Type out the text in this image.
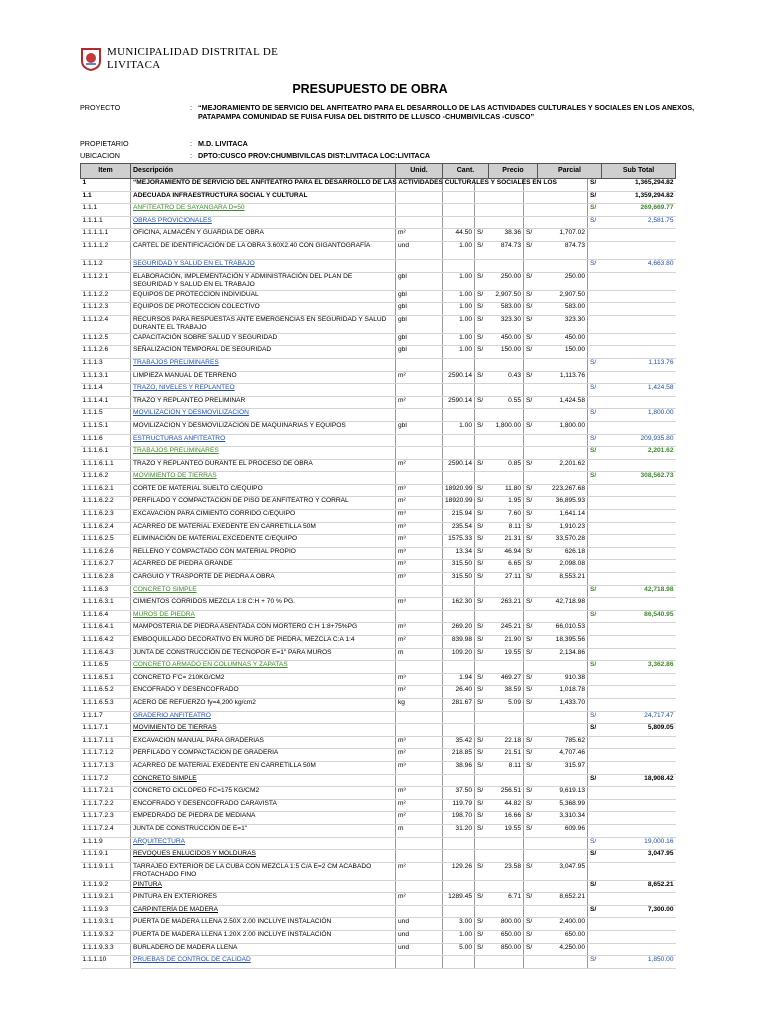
MUNICIPALIDAD DISTRITAL DE
LIVITACA
PRESUPUESTO DE OBRA
PROYECTO	: “MEJORAMIENTO DE SERVICIO DEL ANFITEATRO PARA EL DESARROLLO DE LAS ACTIVIDADES CULTURALES Y SOCIALES EN LOS ANEXOS, PATAPAMPA COMUNIDAD SE FUISA FUISA DEL DISTRITO DE LLUSCO -CHUMBIVILCAS -CUSCO”
PROPIETARIO	: M.D. LIVITACA
UBICACION	: DPTO:CUSCO PROV:CHUMBIVILCAS DIST:LIVITACA LOC:LIVITACA
Item	Descripción	Unid.	Cant.		Precio		Parcial		Sub Total
1	“MEJORAMIENTO DE SERVICIO DEL ANFITEATRO PARA EL DESARROLLO DE LAS ACTIVIDADES CULTURALES Y SOCIALES EN LOS							S/	1,365,294.82
1.1	ADECUADA INFRAESTRUCTURA SOCIAL Y CULTURAL							S/	1,359,294.82
1.1.1	ANFITEATRO DE SAYANGARA D=50							S/	269,669.77
1.1.1.1	OBRAS PROVICIONALES							S/	2,581.75
1.1.1.1.1	OFICINA, ALMACÉN Y GUARDIA DE OBRA	m²	44.50	S/	38.36	S/	1,707.02		
1.1.1.1.2	CARTEL DE IDENTIFICACIÓN DE LA OBRA 3.60X2.40 CON GIGANTOGRAFÍA	und	1.00	S/	874.73	S/	874.73		
1.1.1.2	SEGURIDAD Y SALUD EN EL TRABAJO							S/	4,663.80
1.1.1.2.1	ELABORACIÓN, IMPLEMENTACIÓN Y ADMINISTRACIÓN DEL PLAN DE SEGURIDAD Y SALUD EN EL TRABAJO	gbl	1.00	S/	250.00	S/	250.00		
1.1.1.2.2	EQUIPOS DE PROTECCION INDIVIDUAL	gbl	1.00	S/	2,907.50	S/	2,907.50		
1.1.1.2.3	EQUIPOS DE PROTECCION COLECTIVO	gbl	1.00	S/	583.00	S/	583.00		
1.1.1.2.4	RECURSOS PARA RESPUESTAS ANTE EMERGENCIAS EN SEGURIDAD Y SALUD DURANTE EL TRABAJO	gbl	1.00	S/	323.30	S/	323.30		
1.1.1.2.5	CAPACITACIÓN SOBRE SALUD Y SEGURIDAD	gbl	1.00	S/	450.00	S/	450.00		
1.1.1.2.6	SEÑALIZACION TEMPORAL DE SEGURIDAD	gbl	1.00	S/	150.00	S/	150.00		
1.1.1.3	TRABAJOS PRELIMINARES							S/	1,113.76
1.1.1.3.1	LIMPIEZA MANUAL DE TERRENO	m²	2590.14	S/	0.43	S/	1,113.76		
1.1.1.4	TRAZO, NIVELES Y REPLANTEO							S/	1,424.58
1.1.1.4.1	TRAZO Y REPLANTEO PRELIMINAR	m²	2590.14	S/	0.55	S/	1,424.58		
1.1.1.5	MOVILIZACION Y DESMOVILIZACION							S/	1,800.00
1.1.1.5.1	MOVILIZACION Y DESMOVILIZACION DE MAQUINARIAS Y EQUIPOS	gbl	1.00	S/	1,800.00	S/	1,800.00		
1.1.1.6	ESTRUCTURAS ANFITEATRO							S/	209,935.80
1.1.1.6.1	TRABAJOS PRELIMINARES							S/	2,201.62
1.1.1.6.1.1	TRAZO Y REPLANTEO DURANTE EL PROCESO DE OBRA	m²	2590.14	S/	0.85	S/	2,201.62		
1.1.1.6.2	MOVIMIENTO DE TIERRAS							S/	308,562.73
1.1.1.6.2.1	CORTE DE MATERIAL SUELTO C/EQUIPO	m³	18920.99	S/	11.80	S/	223,267.68		
1.1.1.6.2.2	PERFILADO Y COMPACTACION DE PISO DE ANFITEATRO Y CORRAL	m²	18920.99	S/	1.95	S/	36,895.93		
1.1.1.6.2.3	EXCAVACION PARA CIMIENTO CORRIDO C/EQUIPO	m³	215.94	S/	7.60	S/	1,641.14		
1.1.1.6.2.4	ACARREO DE MATERIAL EXEDENTE EN CARRETILLA 50M	m³	235.54	S/	8.11	S/	1,910.23		
1.1.1.6.2.5	ELIMINACIÓN DE MATERIAL EXCEDENTE C/EQUIPO	m³	1575.33	S/	21.31	S/	33,570.28		
1.1.1.6.2.6	RELLENO Y COMPACTADO CON MATERIAL PROPIO	m³	13.34	S/	46.94	S/	626.18		
1.1.1.6.2.7	ACARREO DE PIEDRA GRANDE	m³	315.50	S/	6.65	S/	2,098.08		
1.1.1.6.2.8	CARGUIO Y TRASPORTE DE PIEDRA A OBRA	m³	315.50	S/	27.11	S/	8,553.21		
1.1.1.6.3	CONCRETO SIMPLE							S/	42,718.98
1.1.1.6.3.1	CIMIENTOS CORRIDOS MEZCLA 1:8 C:H + 70 % PG.	m³	162.30	S/	263.21	S/	42,718.98		
1.1.1.6.4	MUROS DE PIEDRA							S/	86,540.95
1.1.1.6.4.1	MAMPOSTERIA DE PIEDRA ASENTADA CON MORTERO C:H 1:8+75%PG	m³	269.20	S/	245.21	S/	66,010.53		
1.1.1.6.4.2	EMBOQUILLADO DECORATIVO EN MURO DE PIEDRA, MEZCLA C:A 1:4	m²	839.98	S/	21.90	S/	18,395.56		
1.1.1.6.4.3	JUNTA DE CONSTRUCCIÓN DE TECNOPOR E=1" PARA MUROS	m	109.20	S/	19.55	S/	2,134.86		
1.1.1.6.5	CONCRETO ARMADO EN COLUMNAS Y ZAPATAS							S/	3,362.86
1.1.1.6.5.1	CONCRETO F'C= 210KG/CM2	m³	1.94	S/	469.27	S/	910.38		
1.1.1.6.5.2	ENCOFRADO Y DESENCOFRADO	m²	26.40	S/	38.59	S/	1,018.78		
1.1.1.6.5.3	ACERO DE REFUERZO fy=4,200 kg/cm2	kg	281.67	S/	5.09	S/	1,433.70		
1.1.1.7	GRADERIO ANFITEATRO							S/	24,717.47
1.1.1.7.1	MOVIMIENTO DE TIERRAS							S/	5,809.05
1.1.1.7.1.1	EXCAVACION MANUAL PARA GRADERIAS	m³	35.42	S/	22.18	S/	785.62		
1.1.1.7.1.2	PERFILADO Y COMPACTACION DE GRADERIA	m²	218.85	S/	21.51	S/	4,707.46		
1.1.1.7.1.3	ACARREO DE MATERIAL EXEDENTE EN CARRETILLA 50M	m³	38.96	S/	8.11	S/	315.97		
1.1.1.7.2	CONCRETO SIMPLE							S/	18,908.42
1.1.1.7.2.1	CONCRETO CICLOPEO FC=175 KG/CM2	m³	37.50	S/	256.51	S/	9,619.13		
1.1.1.7.2.2	ENCOFRADO Y DESENCOFRADO CARAVISTA	m²	119.79	S/	44.82	S/	5,368.99		
1.1.1.7.2.3	EMPEDRADO DE PIEDRA DE MEDIANA	m²	198.70	S/	16.66	S/	3,310.34		
1.1.1.7.2.4	JUNTA DE CONSTRUCCIÓN DE E=1"	m	31.20	S/	19.55	S/	609.96		
1.1.1.9	ARQUITECTURA							S/	19,000.16
1.1.1.9.1	REVOQUES ENLUCIDOS Y MOLDURAS							S/	3,047.95
1.1.1.9.1.1	TARRAJEO EXTERIOR DE LA CUBA CON MEZCLA 1:5 C/A E=2 CM ACABADO FROTACHADO FINO	m²	129.26	S/	23.58	S/	3,047.95		
1.1.1.9.2	PINTURA							S/	8,652.21
1.1.1.9.2.1	PINTURA EN EXTERIORES	m²	1289.45	S/	6.71	S/	8,652.21		
1.1.1.9.3	CARPINTERÍA DE MADERA							S/	7,300.00
1.1.1.9.3.1	PUERTA DE MADERA LLENA 2.50X 2.00 INCLUYE INSTALACIÓN	und	3.00	S/	800.00	S/	2,400.00		
1.1.1.9.3.2	PUERTA DE MADERA LLENA 1.20X 2.00 INCLUYE INSTALACIÓN	und	1.00	S/	650.00	S/	650.00		
1.1.1.9.3.3	BURLADERO DE MADERA LLENA	und	5.00	S/	850.00	S/	4,250.00		
1.1.1.10	PRUEBAS DE CONTROL DE CALIDAD							S/	1,850.00
